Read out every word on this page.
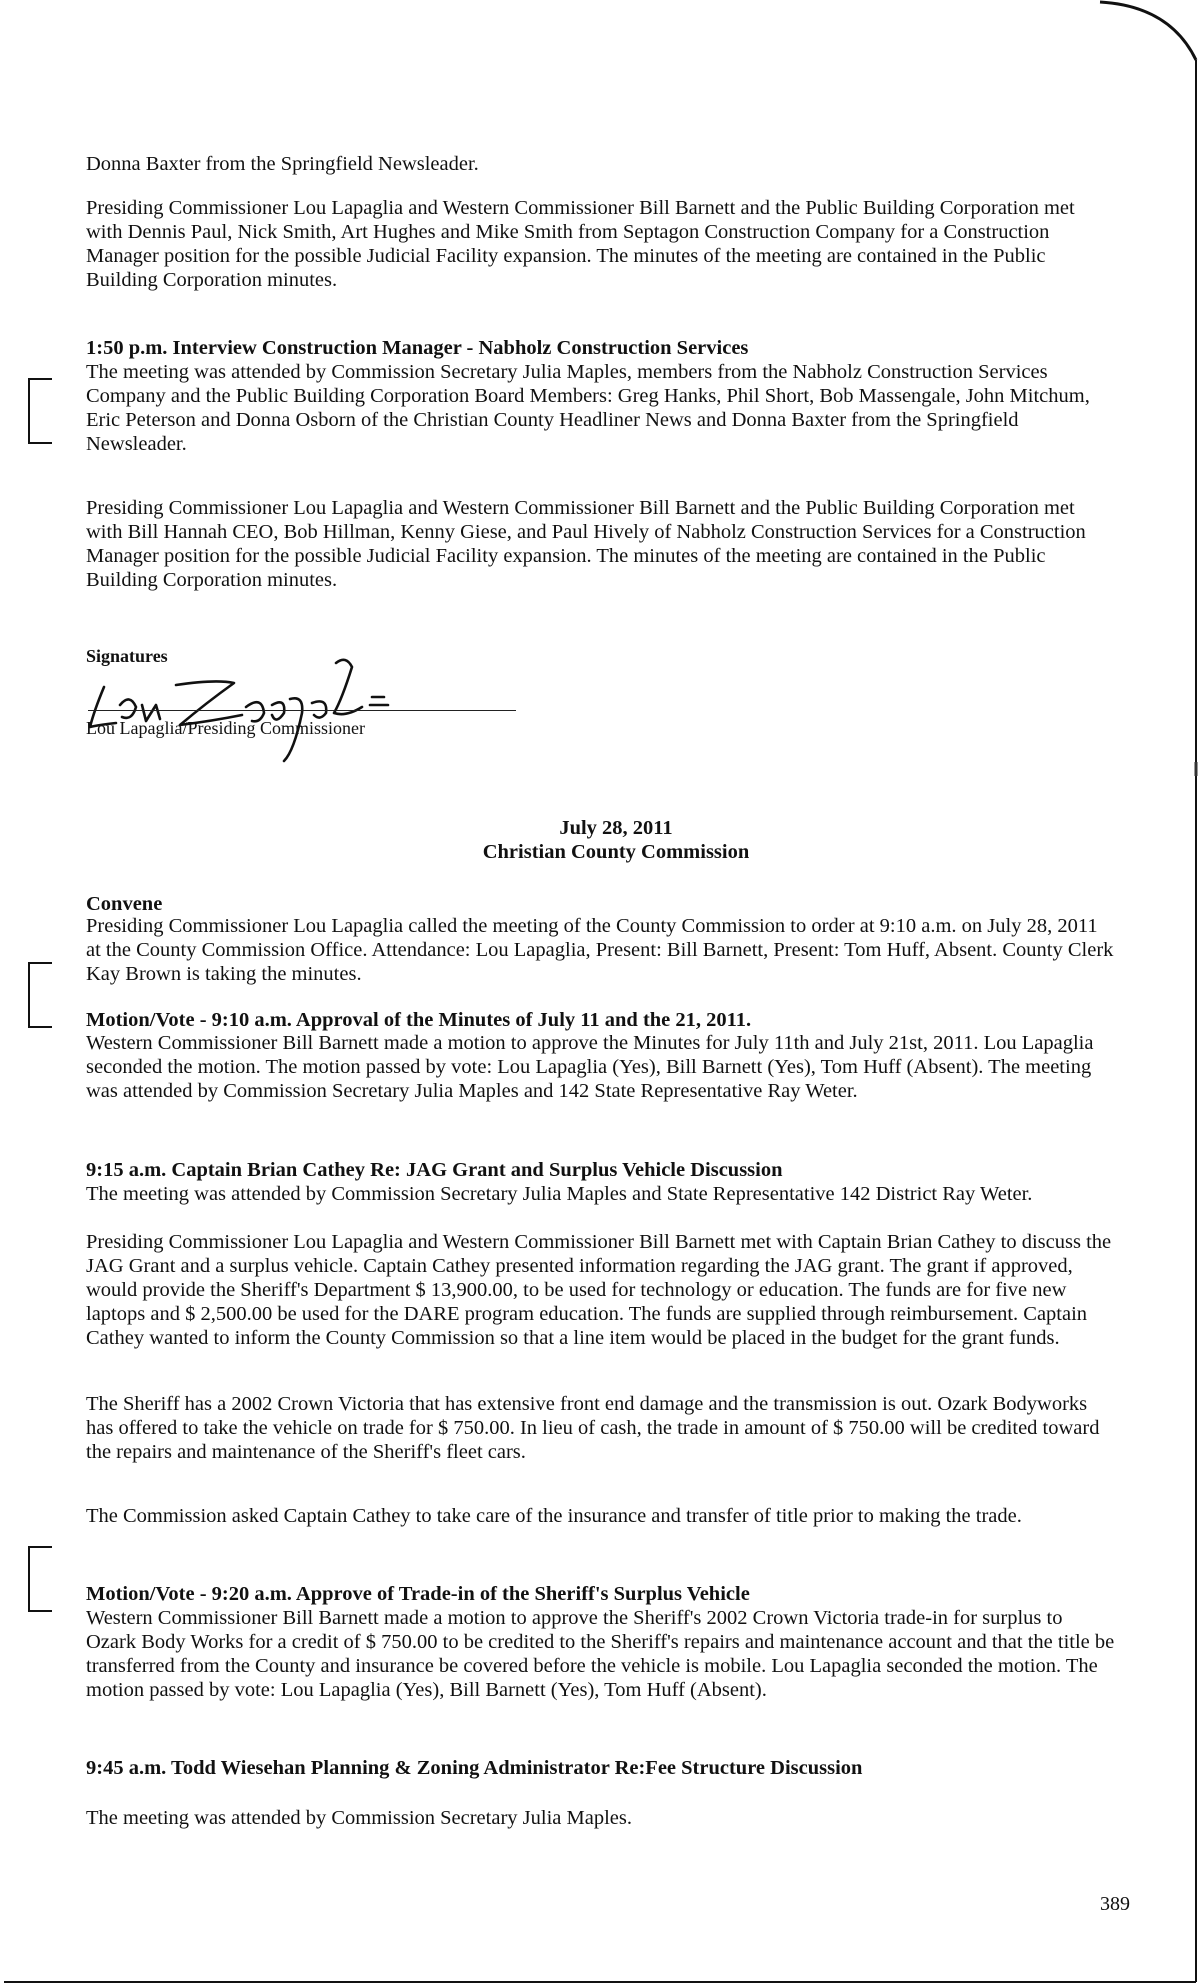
Donna Baxter from the Springfield Newsleader.
Presiding Commissioner Lou Lapaglia and Western Commissioner Bill Barnett and the Public Building Corporation met with Dennis Paul, Nick Smith, Art Hughes and Mike Smith from Septagon Construction Company for a Construction Manager position for the possible Judicial Facility expansion. The minutes of the meeting are contained in the Public Building Corporation minutes.
1:50 p.m. Interview Construction Manager - Nabholz Construction Services
The meeting was attended by Commission Secretary Julia Maples, members from the Nabholz Construction Services Company and the Public Building Corporation Board Members: Greg Hanks, Phil Short, Bob Massengale, John Mitchum, Eric Peterson and Donna Osborn of the Christian County Headliner News and Donna Baxter from the Springfield Newsleader.
Presiding Commissioner Lou Lapaglia and Western Commissioner Bill Barnett and the Public Building Corporation met with Bill Hannah CEO, Bob Hillman, Kenny Giese, and Paul Hively of Nabholz Construction Services for a Construction Manager position for the possible Judicial Facility expansion. The minutes of the meeting are contained in the Public Building Corporation minutes.
Signatures
Lou Lapaglia/Presiding Commissioner
July 28, 2011
Christian County Commission
Convene
Presiding Commissioner Lou Lapaglia called the meeting of the County Commission to order at 9:10 a.m. on July 28, 2011 at the County Commission Office. Attendance: Lou Lapaglia, Present: Bill Barnett, Present: Tom Huff, Absent. County Clerk Kay Brown is taking the minutes.
Motion/Vote - 9:10 a.m. Approval of the Minutes of July 11 and the 21, 2011.
Western Commissioner Bill Barnett made a motion to approve the Minutes for July 11th and July 21st, 2011. Lou Lapaglia seconded the motion. The motion passed by vote: Lou Lapaglia (Yes), Bill Barnett (Yes), Tom Huff (Absent). The meeting was attended by Commission Secretary Julia Maples and 142 State Representative Ray Weter.
9:15 a.m. Captain Brian Cathey Re: JAG Grant and Surplus Vehicle Discussion
The meeting was attended by Commission Secretary Julia Maples and State Representative 142 District Ray Weter.
Presiding Commissioner Lou Lapaglia and Western Commissioner Bill Barnett met with Captain Brian Cathey to discuss the JAG Grant and a surplus vehicle. Captain Cathey presented information regarding the JAG grant. The grant if approved, would provide the Sheriff's Department $ 13,900.00, to be used for technology or education. The funds are for five new laptops and $ 2,500.00 be used for the DARE program education. The funds are supplied through reimbursement. Captain Cathey wanted to inform the County Commission so that a line item would be placed in the budget for the grant funds.
The Sheriff has a 2002 Crown Victoria that has extensive front end damage and the transmission is out. Ozark Bodyworks has offered to take the vehicle on trade for $ 750.00. In lieu of cash, the trade in amount of $ 750.00 will be credited toward the repairs and maintenance of the Sheriff's fleet cars.
The Commission asked Captain Cathey to take care of the insurance and transfer of title prior to making the trade.
Motion/Vote - 9:20 a.m. Approve of Trade-in of the Sheriff's Surplus Vehicle
Western Commissioner Bill Barnett made a motion to approve the Sheriff's 2002 Crown Victoria trade-in for surplus to Ozark Body Works for a credit of $ 750.00 to be credited to the Sheriff's repairs and maintenance account and that the title be transferred from the County and insurance be covered before the vehicle is mobile. Lou Lapaglia seconded the motion. The motion passed by vote: Lou Lapaglia (Yes), Bill Barnett (Yes), Tom Huff (Absent).
9:45 a.m. Todd Wiesehan Planning & Zoning Administrator Re:Fee Structure Discussion
The meeting was attended by Commission Secretary Julia Maples.
389
